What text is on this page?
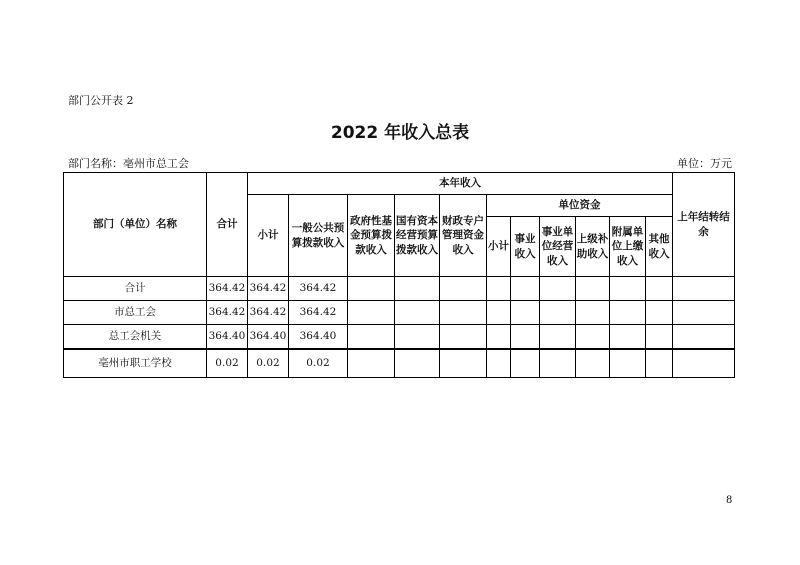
部门公开表 2
2022 年收入总表
部门名称：亳州市总工会	单位：万元
部门（单位）名称	合计	本年收入											上年结转结余
		小计	一般公共预算拨款收入	政府性基金预算拨款收入	国有资本经营预算拨款收入	财政专户管理资金收入	单位资金						
							小计	事业收入	事业单位经营收入	上级补助收入	附属单位上缴收入	其他收入	
合计	364.42	364.42	364.42										
市总工会	364.42	364.42	364.42										
总工会机关	364.40	364.40	364.40										
亳州市职工学校	0.02	0.02	0.02										
8
